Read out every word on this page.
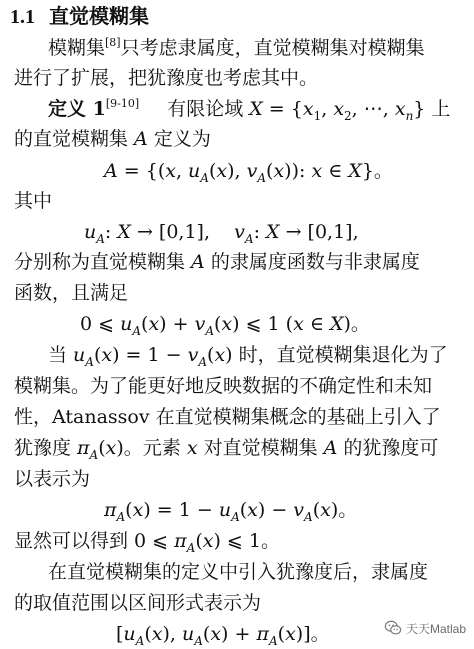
1.1 直觉模糊集
模糊集[8]只考虑隶属度，直觉模糊集对模糊集
进行了扩展，把犹豫度也考虑其中。
定义 1[9-10] 有限论域 $X = \{x_1$, $x_2$, ⋯, $x_n$} 上
的直觉模糊集 A 定义为
A = {(x, $u_A(x)$, $v_A(x)$): x ∈ X}。
其中
$u_A$: X → [0,1],    $v_A$: X → [0,1],
分别称为直觉模糊集 A 的隶属度函数与非隶属度
函数，且满足
0 ⩽ $u_A(x) + v_A(x)$ ⩽ 1 (x ∈ X)。
当 $u_A(x) = 1 - v_A(x)$ 时，直觉模糊集退化为了
模糊集。为了能更好地反映数据的不确定性和未知
性，Atanassov 在直觉模糊集概念的基础上引入了
犹豫度 $\pi_A(x)$。元素 x 对直觉模糊集 A 的犹豫度可
以表示为
$\pi_A(x) = 1 - u_A(x) - v_A(x)$。
显然可以得到 0 ⩽ $\pi_A(x)$ ⩽ 1。
在直觉模糊集的定义中引入犹豫度后，隶属度
的取值范围以区间形式表示为
[$u_A(x)$, $u_A(x) + \pi_A(x)$]。	天天Matlab
